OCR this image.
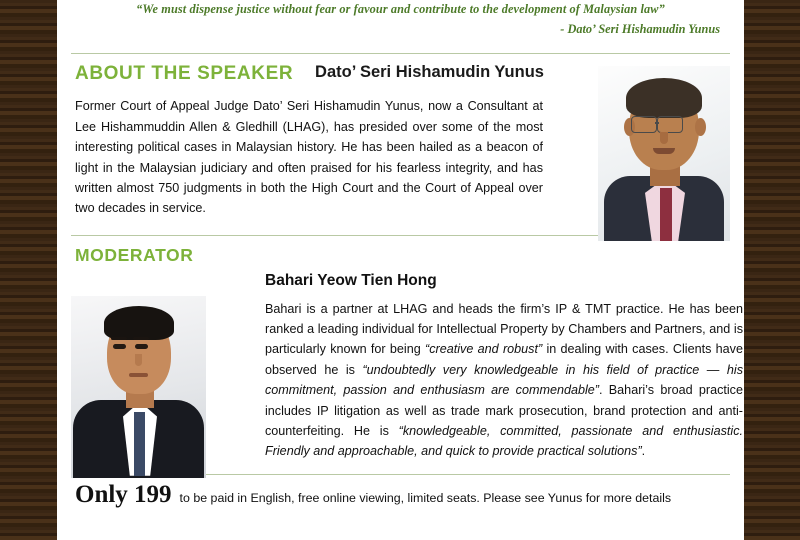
“We must dispense justice without fear or favour and contribute to the development of Malaysian law”
- Dato’ Seri Hishamudin Yunus
ABOUT THE SPEAKER	Dato’ Seri Hishamudin Yunus
Former Court of Appeal Judge Dato’ Seri Hishamudin Yunus, now a Consultant at Lee Hishammuddin Allen & Gledhill (LHAG), has presided over some of the most interesting political cases in Malaysian history. He has been hailed as a beacon of light in the Malaysian judiciary and often praised for his fearless integrity, and has written almost 750 judgments in both the High Court and the Court of Appeal over two decades in service.
MODERATOR
Bahari Yeow Tien Hong
Bahari is a partner at LHAG and heads the firm’s IP & TMT practice. He has been ranked a leading individual for Intellectual Property by Chambers and Partners, and is particularly known for being “creative and robust” in dealing with cases. Clients have observed he is “undoubtedly very knowledgeable in his field of practice — his commitment, passion and enthusiasm are commendable”. Bahari’s broad practice includes IP litigation as well as trade mark prosecution, brand protection and anti-counterfeiting. He is “knowledgeable, committed, passionate and enthusiastic. Friendly and approachable, and quick to provide practical solutions”.
Only 199 to be paid in English, free online viewing, limited seats. Please see Yunus for more details
